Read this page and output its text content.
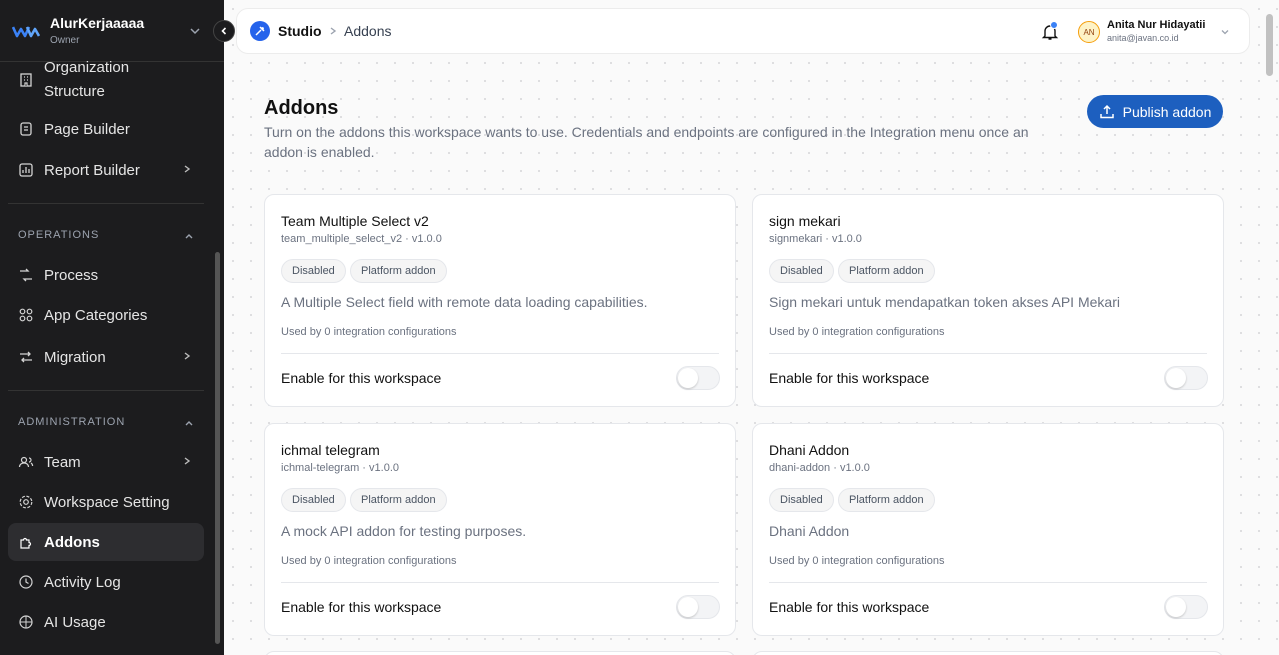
AlurKerjaaaaa
Owner
Organization Structure
Page Builder
Report Builder
OPERATIONS
Process
App Categories
Migration
ADMINISTRATION
Team
Workspace Setting
Addons
Activity Log
AI Usage
Studio Addons	AN
Anita Nur Hidayatii
anita@javan.co.id
Addons

Turn on the addons this workspace wants to use. Credentials and endpoints are configured in the Integration menu once an addon is enabled.

Publish addon
Team Multiple Select v2
team_multiple_select_v2 · v1.0.0
Disabled	Platform addon
A Multiple Select field with remote data loading capabilities.
Used by 0 integration configurations
Enable for this workspace
sign mekari
signmekari · v1.0.0
Disabled	Platform addon
Sign mekari untuk mendapatkan token akses API Mekari
Used by 0 integration configurations
Enable for this workspace
ichmal telegram
ichmal-telegram · v1.0.0
Disabled	Platform addon
A mock API addon for testing purposes.
Used by 0 integration configurations
Enable for this workspace
Dhani Addon
dhani-addon · v1.0.0
Disabled	Platform addon
Dhani Addon
Used by 0 integration configurations
Enable for this workspace
